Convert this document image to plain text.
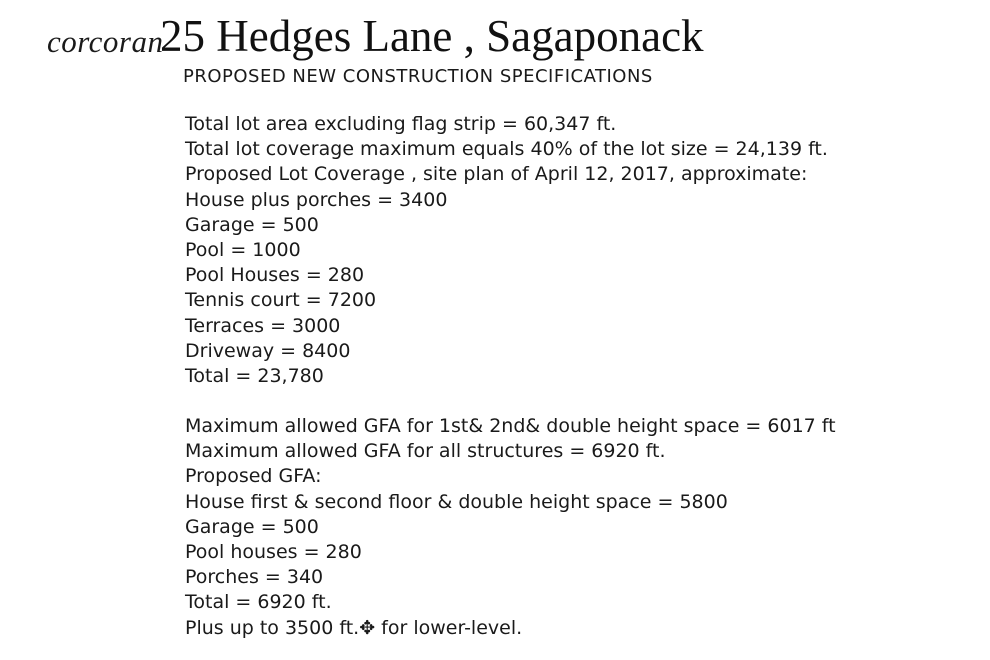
corcoran
25 Hedges Lane , Sagaponack
PROPOSED NEW CONSTRUCTION SPECIFICATIONS
Total lot area excluding flag strip = 60,347 ft.
Total lot coverage maximum equals 40% of the lot size = 24,139 ft.
Proposed Lot Coverage , site plan of April 12, 2017, approximate:
House plus porches = 3400
Garage = 500
Pool = 1000
Pool Houses = 280
Tennis court = 7200
Terraces = 3000
Driveway = 8400
Total = 23,780
Maximum allowed GFA for 1st& 2nd& double height space = 6017 ft
Maximum allowed GFA for all structures = 6920 ft.
Proposed GFA:
House first & second floor & double height space = 5800
Garage = 500
Pool houses = 280
Porches = 340
Total = 6920 ft.
Plus up to 3500 ft.✥ for lower-level.
